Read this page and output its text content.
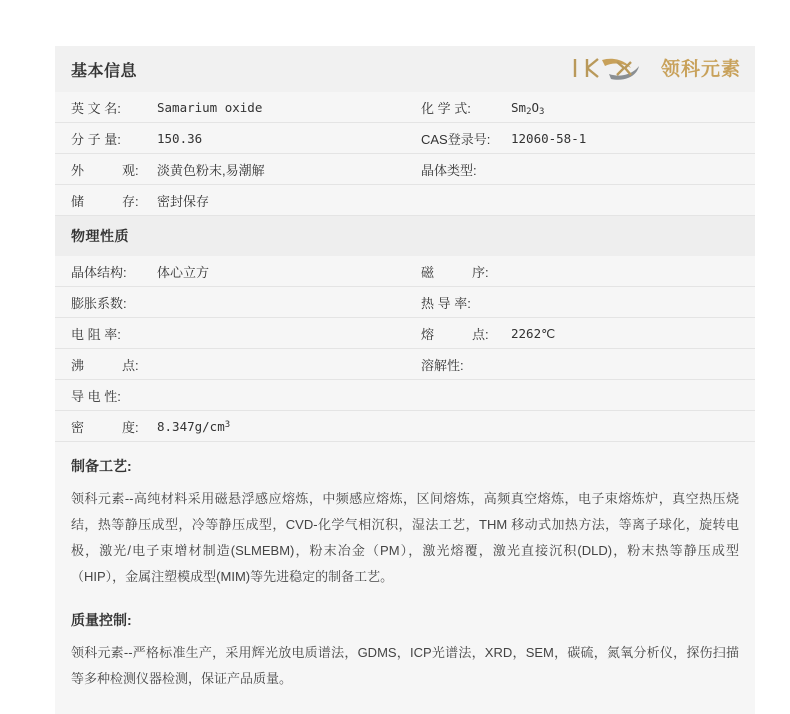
基本信息	领科元素
英 文 名:	Samarium oxide	化 学 式:	$Sm_2O_3$
分 子 量:	150.36	CAS登录号:	12060-58-1
外　观:	淡黄色粉末,易潮解	晶体类型:	
储　存:	密封保存		
物理性质
晶体结构:	体心立方	磁　序:	
膨胀系数:		热 导 率:	
电 阻 率:		熔　点:	2262℃
沸　点:		溶解性:	
导 电 性:			
密　度:	$8.347g/cm^3$		
制备工艺:

领科元素--高纯材料采用磁悬浮感应熔炼，中频感应熔炼，区间熔炼，高频真空熔炼，电子束熔炼炉，真空热压烧结，热等静压成型，冷等静压成型，CVD-化学气相沉积，湿法工艺，THM 移动式加热方法，等离子球化，旋转电极，激光/电子束增材制造(SLMEBM)，粉末冶金（PM），激光熔覆，激光直接沉积(DLD)，粉末热等静压成型（HIP），金属注塑模成型(MIM)等先进稳定的制备工艺。

质量控制:

领科元素--严格标准生产，采用辉光放电质谱法，GDMS，ICP光谱法，XRD，SEM，碳硫，氮氧分析仪，探伤扫描等多种检测仪器检测，保证产品质量。
